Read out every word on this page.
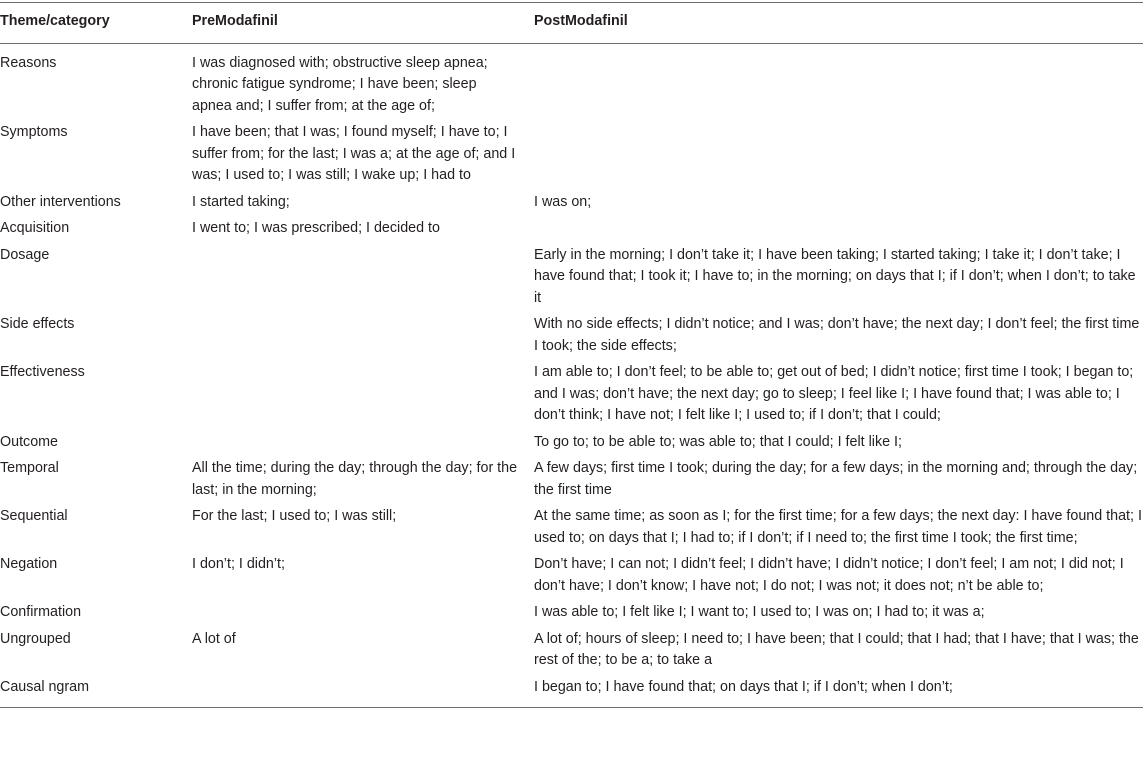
Theme/category	PreModafinil	PostModafinil
Reasons	I was diagnosed with; obstructive sleep apnea; chronic fatigue syndrome; I have been; sleep apnea and; I suffer from; at the age of;	
Symptoms	I have been; that I was; I found myself; I have to; I suffer from; for the last; I was a; at the age of; and I was; I used to; I was still; I wake up; I had to	
Other interventions	I started taking;	I was on;
Acquisition	I went to; I was prescribed; I decided to	
Dosage		Early in the morning; I don’t take it; I have been taking; I started taking; I take it; I don’t take; I have found that; I took it; I have to; in the morning; on days that I; if I don’t; when I don’t; to take it
Side effects		With no side effects; I didn’t notice; and I was; don’t have; the next day; I don’t feel; the first time I took; the side effects;
Effectiveness		I am able to; I don’t feel; to be able to; get out of bed; I didn’t notice; first time I took; I began to; and I was; don’t have; the next day; go to sleep; I feel like I; I have found that; I was able to; I don’t think; I have not; I felt like I; I used to; if I don’t; that I could;
Outcome		To go to; to be able to; was able to; that I could; I felt like I;
Temporal	All the time; during the day; through the day; for the last; in the morning;	A few days; first time I took; during the day; for a few days; in the morning and; through the day; the first time
Sequential	For the last; I used to; I was still;	At the same time; as soon as I; for the first time; for a few days; the next day: I have found that; I used to; on days that I; I had to; if I don’t; if I need to; the first time I took; the first time;
Negation	I don’t; I didn’t;	Don’t have; I can not; I didn’t feel; I didn’t have; I didn’t notice; I don’t feel; I am not; I did not; I don’t have; I don’t know; I have not; I do not; I was not; it does not; n’t be able to;
Confirmation		I was able to; I felt like I; I want to; I used to; I was on; I had to; it was a;
Ungrouped	A lot of	A lot of; hours of sleep; I need to; I have been; that I could; that I had; that I have; that I was; the rest of the; to be a; to take a
Causal ngram		I began to; I have found that; on days that I; if I don’t; when I don’t;
